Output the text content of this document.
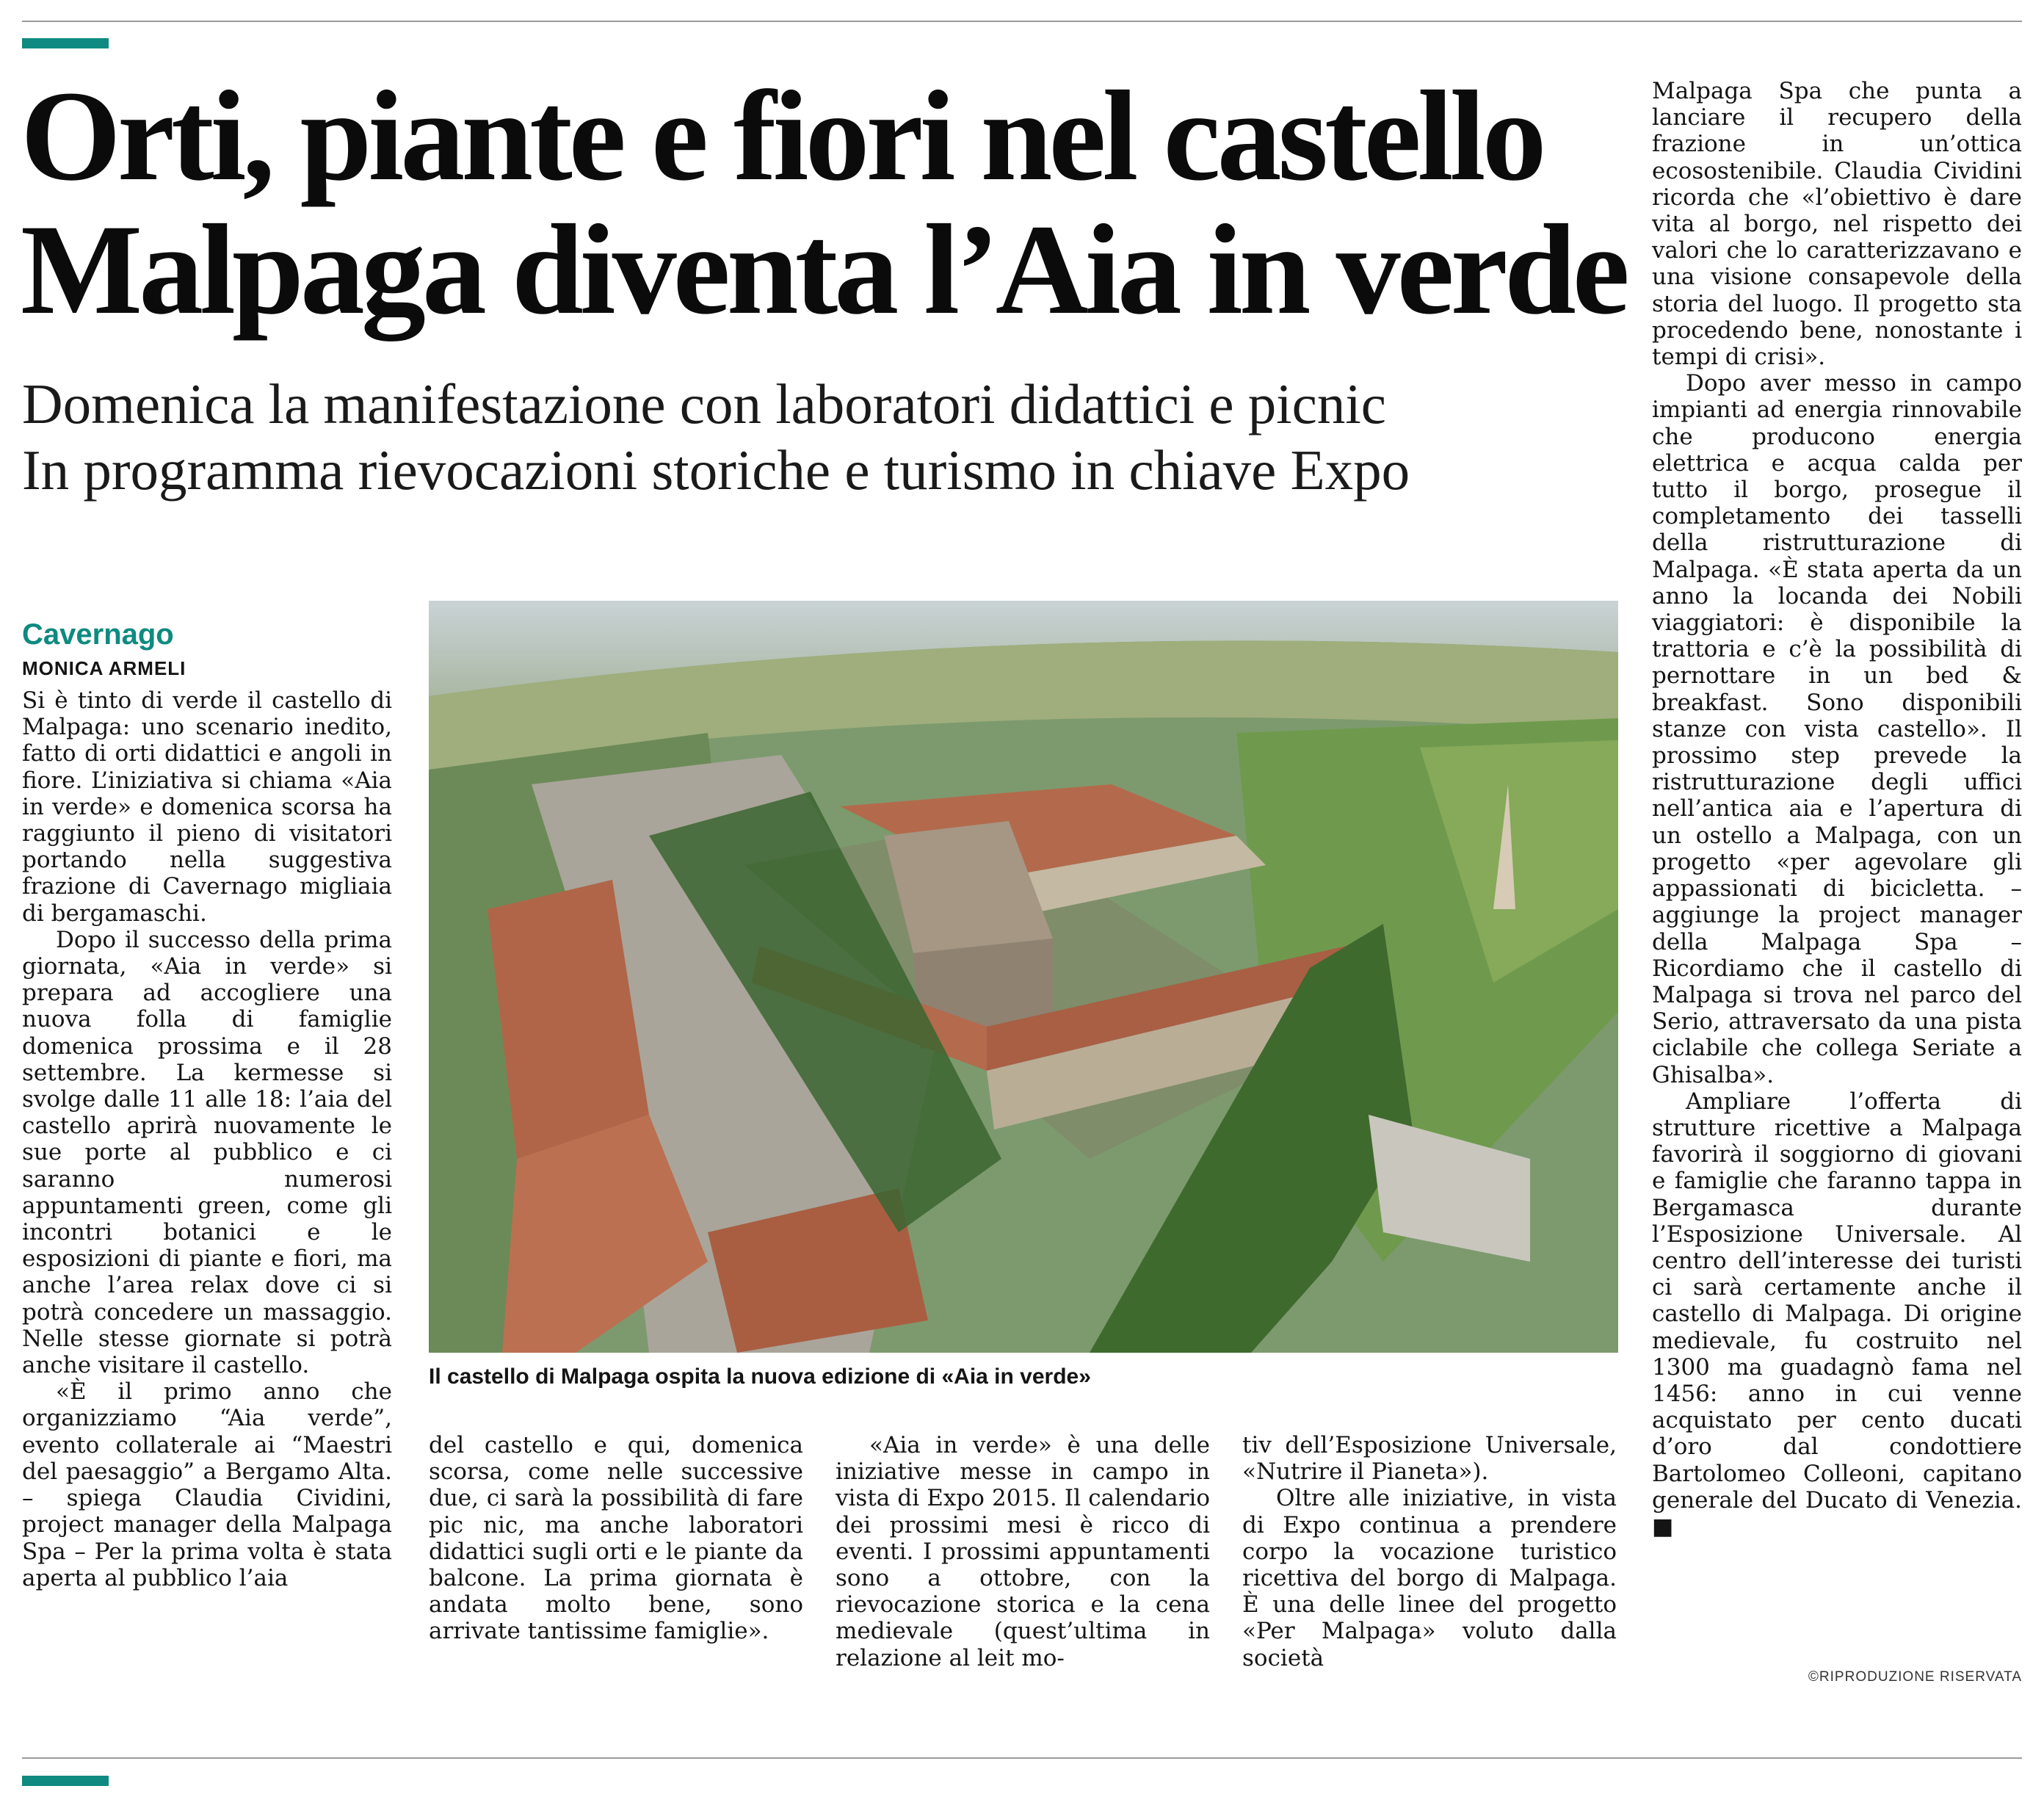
Orti, piante e fiori nel castello
Malpaga diventa l’Aia in verde
Domenica la manifestazione con laboratori didattici e picnic
In programma rievocazioni storiche e turismo in chiave Expo
Cavernago
MONICA ARMELI

Si è tinto di verde il castello di Malpaga: uno scenario inedito, fatto di orti didattici e angoli in fiore. L’iniziativa si chiama «Aia in verde» e domenica scorsa ha raggiunto il pieno di visitatori portando nella suggestiva frazione di Cavernago migliaia di bergamaschi.

Dopo il successo della prima giornata, «Aia in verde» si prepara ad accogliere una nuova folla di famiglie domenica prossima e il 28 settembre. La kermesse si svolge dalle 11 alle 18: l’aia del castello aprirà nuovamente le sue porte al pubblico e ci saranno numerosi appuntamenti green, come gli incontri botanici e le esposizioni di piante e fiori, ma anche l’area relax dove ci si potrà concedere un massaggio. Nelle stesse giornate si potrà anche visitare il castello.

«È il primo anno che organizziamo “Aia verde”, evento collaterale ai “Maestri del paesaggio” a Bergamo Alta. – spiega Claudia Cividini, project manager della Malpaga Spa – Per la prima volta è stata aperta al pubblico l’aia

Il castello di Malpaga ospita la nuova edizione di «Aia in verde»

del castello e qui, domenica scorsa, come nelle successive due, ci sarà la possibilità di fare pic nic, ma anche laboratori didattici sugli orti e le piante da balcone. La prima giornata è andata molto bene, sono arrivate tantissime famiglie».

«Aia in verde» è una delle iniziative messe in campo in vista di Expo 2015. Il calendario dei prossimi mesi è ricco di eventi. I prossimi appuntamenti sono a ottobre, con la rievocazione storica e la cena medievale (quest’ultima in relazione al leit mo-

tiv dell’Esposizione Universale, «Nutrire il Pianeta»).

Oltre alle iniziative, in vista di Expo continua a prendere corpo la vocazione turistico ricettiva del borgo di Malpaga. È una delle linee del progetto «Per Malpaga» voluto dalla società

Malpaga Spa che punta a lanciare il recupero della frazione in un’ottica ecosostenibile. Claudia Cividini ricorda che «l’obiettivo è dare vita al borgo, nel rispetto dei valori che lo caratterizzavano e una visione consapevole della storia del luogo. Il progetto sta procedendo bene, nonostante i tempi di crisi».

Dopo aver messo in campo impianti ad energia rinnovabile che producono energia elettrica e acqua calda per tutto il borgo, prosegue il completamento dei tasselli della ristrutturazione di Malpaga. «È stata aperta da un anno la locanda dei Nobili viaggiatori: è disponibile la trattoria e c’è la possibilità di pernottare in un bed & breakfast. Sono disponibili stanze con vista castello». Il prossimo step prevede la ristrutturazione degli uffici nell’antica aia e l’apertura di un ostello a Malpaga, con un progetto «per agevolare gli appassionati di bicicletta. – aggiunge la project manager della Malpaga Spa – Ricordiamo che il castello di Malpaga si trova nel parco del Serio, attraversato da una pista ciclabile che collega Seriate a Ghisalba».

Ampliare l’offerta di strutture ricettive a Malpaga favorirà il soggiorno di giovani e famiglie che faranno tappa in Bergamasca durante l’Esposizione Universale. Al centro dell’interesse dei turisti ci sarà certamente anche il castello di Malpaga. Di origine medievale, fu costruito nel 1300 ma guadagnò fama nel 1456: anno in cui venne acquistato per cento ducati d’oro dal condottiere Bartolomeo Colleoni, capitano generale del Ducato di Venezia. ■

©RIPRODUZIONE RISERVATA
